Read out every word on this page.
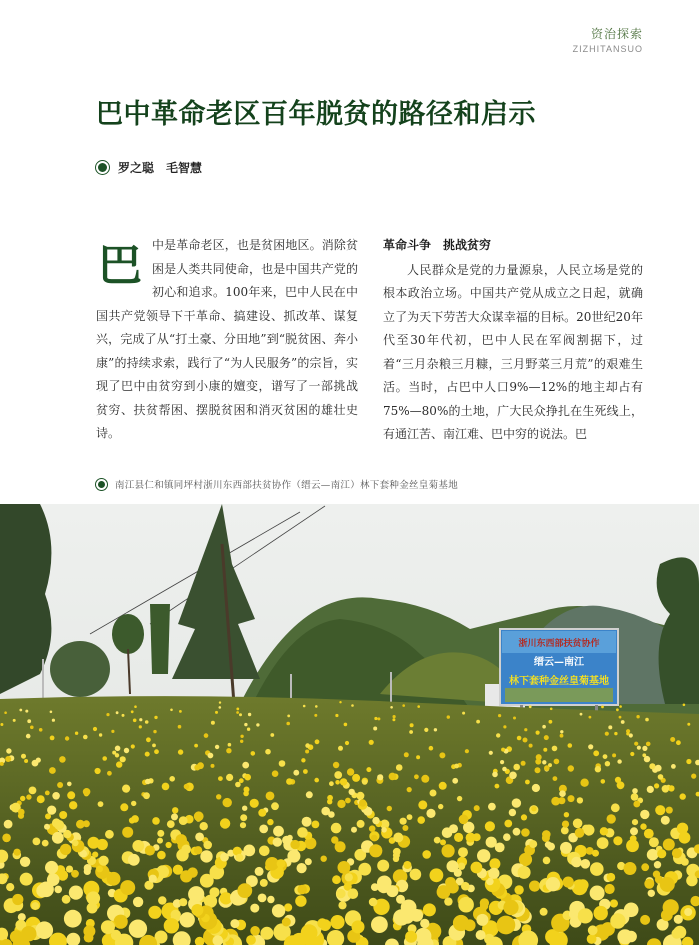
资治探索
ZIZHITANSUO
巴中革命老区百年脱贫的路径和启示
罗之聪　毛智慧
巴 中是革命老区，也是贫困地区。消除贫困是人类共同使命，也是中国共产党的初心和追求。100年来，巴中人民在中国共产党领导下干革命、搞建设、抓改革、谋复兴，完成了从“打土豪、分田地”到“脱贫困、奔小康”的持续求索，践行了“为人民服务”的宗旨，实现了巴中由贫穷到小康的嬗变，谱写了一部挑战贫穷、扶贫帮困、摆脱贫困和消灭贫困的雄壮史诗。
革命斗争　挑战贫穷

人民群众是党的力量源泉，人民立场是党的根本政治立场。中国共产党从成立之日起，就确立了为天下劳苦大众谋幸福的目标。20世纪20年代至30年代初，巴中人民在军阀割据下，过着“三月杂粮三月糠，三月野菜三月荒”的艰难生活。当时，占巴中人口9%—12%的地主却占有75%—80%的土地，广大民众挣扎在生死线上，有通江苦、南江难、巴中穷的说法。巴

南江县仁和镇同坪村浙川东西部扶贫协作（缙云—南江）林下套种金丝皇菊基地
浙川东西部扶贫协作
缙云—南江
林下套种金丝皇菊基地
